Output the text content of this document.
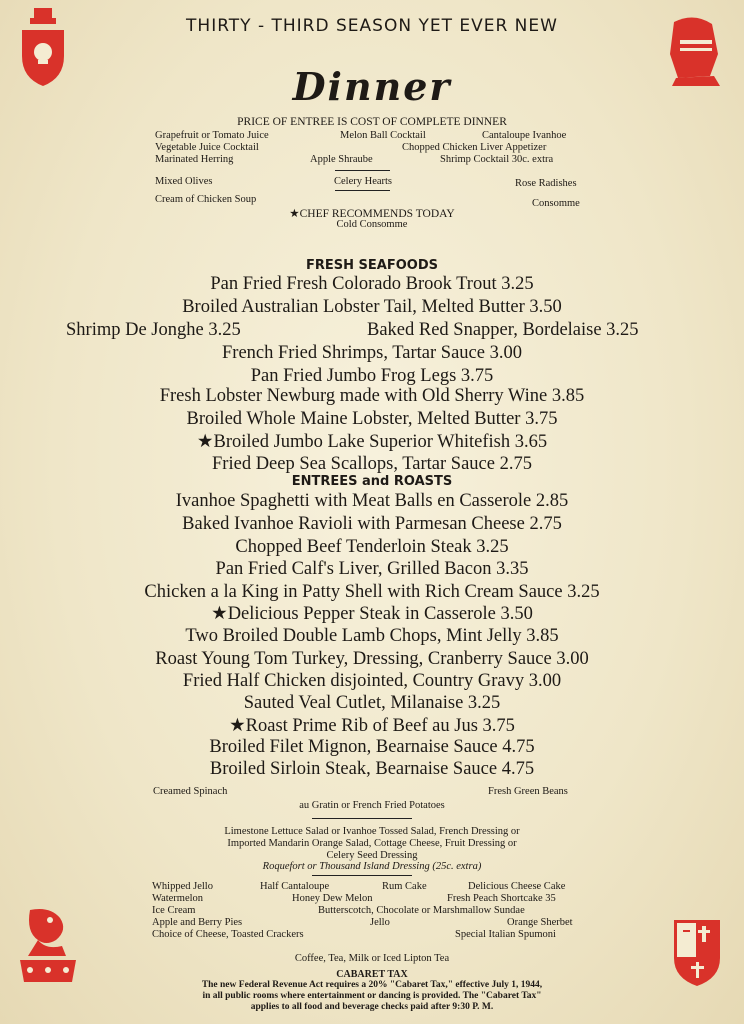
THIRTY - THIRD SEASON YET EVER NEW
Dinner
PRICE OF ENTREE IS COST OF COMPLETE DINNER
Grapefruit or Tomato Juice	Melon Ball Cocktail	Cantaloupe Ivanhoe
Vegetable Juice Cocktail	Chopped Chicken Liver Appetizer
Marinated Herring	Apple Shraube	Shrimp Cocktail 30c. extra
Mixed Olives	Celery Hearts	Rose Radishes
Cream of Chicken Soup	Consomme
★CHEF RECOMMENDS TODAY
Cold Consomme
FRESH SEAFOODS
Pan Fried Fresh Colorado Brook Trout 3.25
Broiled Australian Lobster Tail, Melted Butter 3.50
Shrimp De Jonghe 3.25	Baked Red Snapper, Bordelaise 3.25
French Fried Shrimps, Tartar Sauce 3.00
Pan Fried Jumbo Frog Legs 3.75
Fresh Lobster Newburg made with Old Sherry Wine 3.85
Broiled Whole Maine Lobster, Melted Butter 3.75
★Broiled Jumbo Lake Superior Whitefish 3.65
Fried Deep Sea Scallops, Tartar Sauce 2.75
ENTREES and ROASTS
Ivanhoe Spaghetti with Meat Balls en Casserole 2.85
Baked Ivanhoe Ravioli with Parmesan Cheese 2.75
Chopped Beef Tenderloin Steak 3.25
Pan Fried Calf's Liver, Grilled Bacon 3.35
Chicken a la King in Patty Shell with Rich Cream Sauce 3.25
★Delicious Pepper Steak in Casserole 3.50
Two Broiled Double Lamb Chops, Mint Jelly 3.85
Roast Young Tom Turkey, Dressing, Cranberry Sauce 3.00
Fried Half Chicken disjointed, Country Gravy 3.00
Sauted Veal Cutlet, Milanaise 3.25
★Roast Prime Rib of Beef au Jus 3.75
Broiled Filet Mignon, Bearnaise Sauce 4.75
Broiled Sirloin Steak, Bearnaise Sauce 4.75
Creamed Spinach	Fresh Green Beans
au Gratin or French Fried Potatoes
Limestone Lettuce Salad or Ivanhoe Tossed Salad, French Dressing or
Imported Mandarin Orange Salad, Cottage Cheese, Fruit Dressing or
Celery Seed Dressing
Roquefort or Thousand Island Dressing (25c. extra)
Whipped Jello	Half Cantaloupe	Rum Cake	Delicious Cheese Cake
Watermelon	Honey Dew Melon	Fresh Peach Shortcake 35
Ice Cream	Butterscotch, Chocolate or Marshmallow Sundae
Apple and Berry Pies	Jello	Orange Sherbet
Choice of Cheese, Toasted Crackers	Special Italian Spumoni
Coffee, Tea, Milk or Iced Lipton Tea
CABARET TAX
The new Federal Revenue Act requires a 20% "Cabaret Tax," effective July 1, 1944,
in all public rooms where entertainment or dancing is provided. The "Cabaret Tax"
applies to all food and beverage checks paid after 9:30 P. M.
